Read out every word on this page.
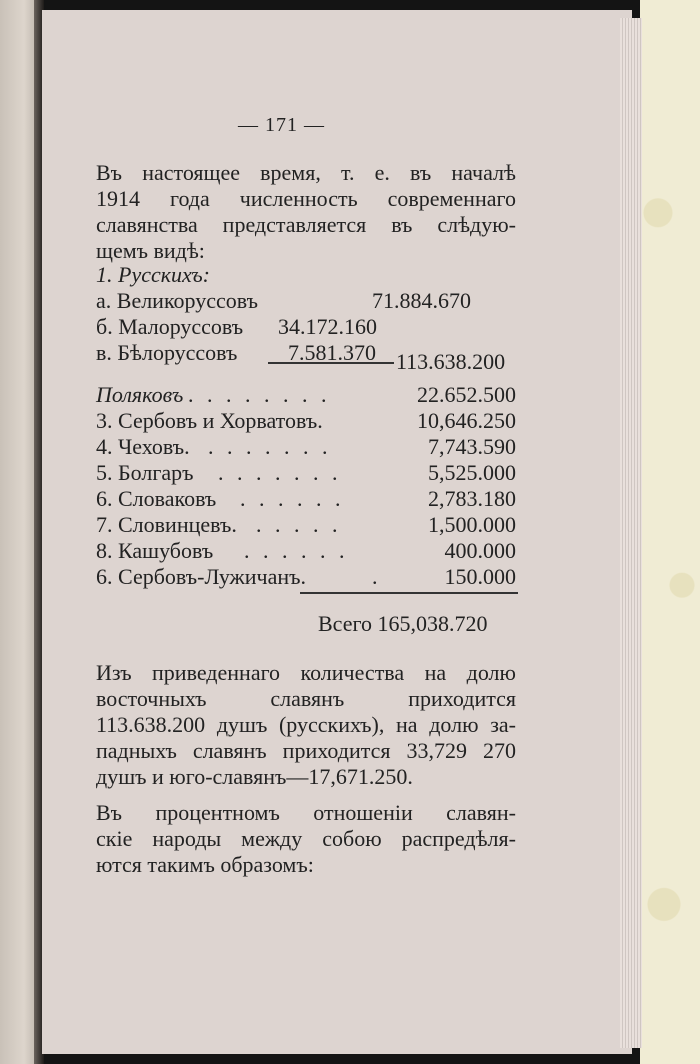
— 171 —
Въ настоящее время, т. е. въ началѣ
1914 года численность современнаго
славянства представляется въ слѣдую-
щемъ видѣ:
1. Русскихъ:
а. Великоруссовъ	71.884.670
б. Малоруссовъ 34.172.160
в. Бѣлоруссовъ 7.581.370 113.638.200
Поляковъ . . . . . . . .	22.652.500
3. Сербовъ и Хорватовъ.	10,646.250
4. Чеховъ. . . . . . . .	7,743.590
5. Болгаръ . . . . . . .	5,525.000
6. Словаковъ . . . . . .	2,783.180
7. Словинцевъ. . . . . .	1,500.000
8. Кашубовъ . . . . . .	400.000
6. Сербовъ-Лужичанъ.	.	150.000
Всего 165,038.720
Изъ приведеннаго количества на долю
восточныхъ	славянъ	приходится
113.638.200 душъ (русскихъ), на долю за-
падныхъ славянъ приходится 33,729 270
душъ и юго-славянъ—17,671.250.
Въ процентномъ отношеніи славян-
скіе народы между собою распредѣля-
ются такимъ образомъ:
